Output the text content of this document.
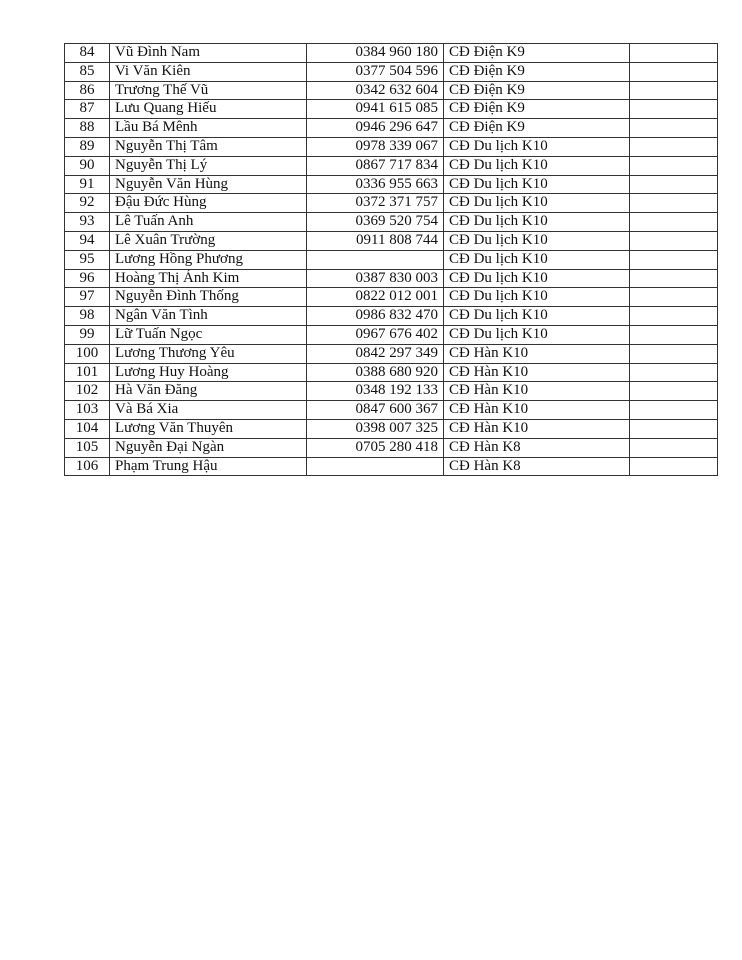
84	Vũ Đình Nam	0384 960 180	CĐ Điện K9	
85	Vi Văn Kiên	0377 504 596	CĐ Điện K9	
86	Trương Thế Vũ	0342 632 604	CĐ Điện K9	
87	Lưu Quang Hiếu	0941 615 085	CĐ Điện K9	
88	Lầu Bá Mênh	0946 296 647	CĐ Điện K9	
89	Nguyễn Thị Tâm	0978 339 067	CĐ Du lịch K10	
90	Nguyễn Thị Lý	0867 717 834	CĐ Du lịch K10	
91	Nguyễn Văn Hùng	0336 955 663	CĐ Du lịch K10	
92	Đậu Đức Hùng	0372 371 757	CĐ Du lịch K10	
93	Lê Tuấn Anh	0369 520 754	CĐ Du lịch K10	
94	Lê Xuân Trường	0911 808 744	CĐ Du lịch K10	
95	Lương Hồng Phương		CĐ Du lịch K10	
96	Hoàng Thị Ánh Kim	0387 830 003	CĐ Du lịch K10	
97	Nguyễn Đình Thống	0822 012 001	CĐ Du lịch K10	
98	Ngân Văn Tình	0986 832 470	CĐ Du lịch K10	
99	Lữ Tuấn Ngọc	0967 676 402	CĐ Du lịch K10	
100	Lương Thương Yêu	0842 297 349	CĐ Hàn K10	
101	Lương Huy Hoàng	0388 680 920	CĐ Hàn K10	
102	Hà Văn Đăng	0348 192 133	CĐ Hàn K10	
103	Và Bá Xia	0847 600 367	CĐ Hàn K10	
104	Lương Văn Thuyên	0398 007 325	CĐ Hàn K10	
105	Nguyễn Đại Ngàn	0705 280 418	CĐ Hàn K8	
106	Phạm Trung Hậu		CĐ Hàn K8	
